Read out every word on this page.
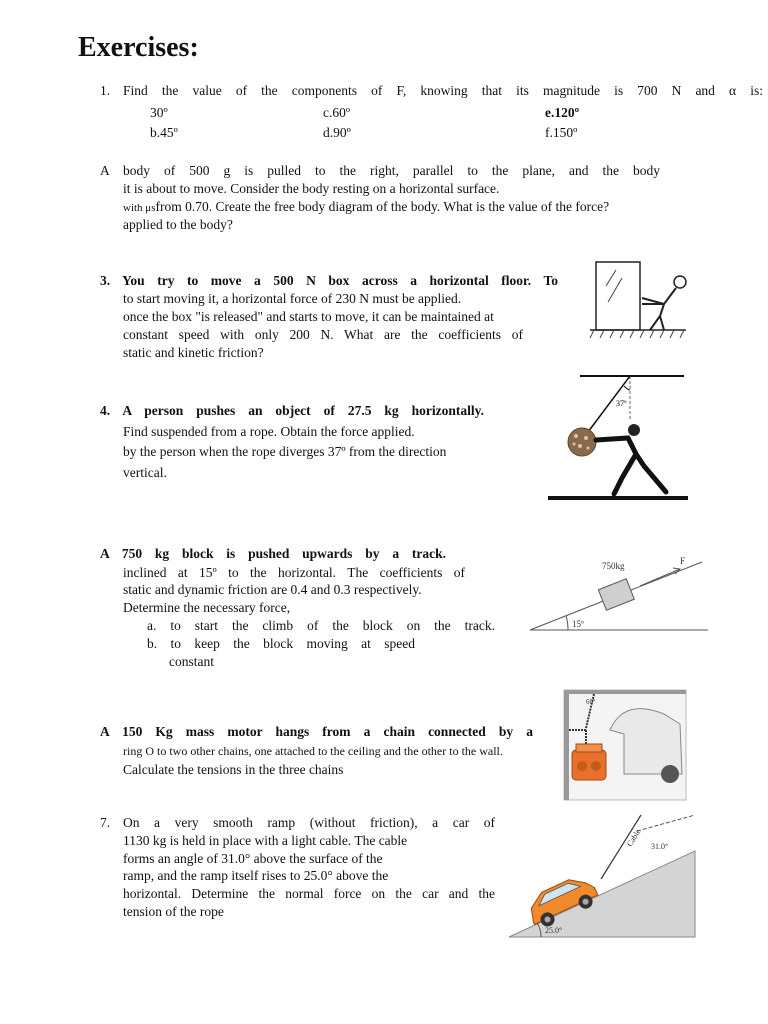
Exercises:
1. Find the value of the components of F, knowing that its magnitude is 700 N and α is:
30º	c.60º	e.120º
b.45º	d.90º	f.150º
A body of 500 g is pulled to the right, parallel to the plane, and the body
it is about to move. Consider the body resting on a horizontal surface.
with μsfrom 0.70. Create the free body diagram of the body. What is the value of the force?
applied to the body?
3. You try to move a 500 N box across a horizontal floor. To
to start moving it, a horizontal force of 230 N must be applied.
once the box "is released" and starts to move, it can be maintained at
constant speed with only 200 N. What are the coefficients of
static and kinetic friction?
4. A person pushes an object of 27.5 kg horizontally.
Find suspended from a rope. Obtain the force applied.
by the person when the rope diverges 37º from the direction
vertical.
37º
A 750 kg block is pushed upwards by a track.
inclined at 15º to the horizontal. The coefficients of
static and dynamic friction are 0.4 and 0.3 respectively.
Determine the necessary force,
a. to start the climb of the block on the track.
b. to keep the block moving at speed
constant
750kg	F
15º
A 150 Kg mass motor hangs from a chain connected by a
ring O to two other chains, one attached to the ceiling and the other to the wall.
Calculate the tensions in the three chains
60º
7. On a very smooth ramp (without friction), a car of
1130 kg is held in place with a light cable. The cable
forms an angle of 31.0° above the surface of the
ramp, and the ramp itself rises to 25.0° above the
horizontal. Determine the normal force on the car and the
tension of the rope
Cable 31.0°
25.0°
